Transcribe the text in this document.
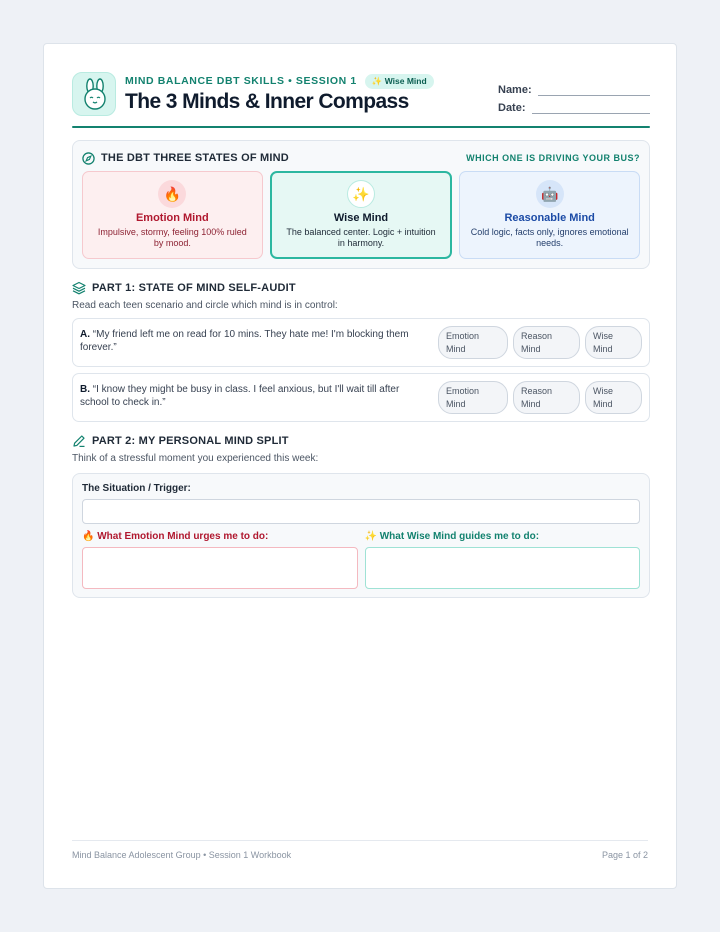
MIND BALANCE DBT SKILLS • SESSION 1	✨ Wise Mind
The 3 Minds & Inner Compass	Name:
Date:
THE DBT THREE STATES OF MIND	WHICH ONE IS DRIVING YOUR BUS?
🔥
Emotion Mind
Impulsive, stormy, feeling 100% ruled by mood.
✨
Wise Mind
The balanced center. Logic + intuition in harmony.
🤖
Reasonable Mind
Cold logic, facts only, ignores emotional needs.
PART 1: STATE OF MIND SELF-AUDIT
Read each teen scenario and circle which mind is in control:
A. “My friend left me on read for 10 mins. They hate me! I'm blocking them forever.”
Emotion Mind
Reason Mind
Wise Mind
B. “I know they might be busy in class. I feel anxious, but I'll wait till after school to check in.”
Emotion Mind
Reason Mind
Wise Mind
PART 2: MY PERSONAL MIND SPLIT
Think of a stressful moment you experienced this week:
The Situation / Trigger:
🔥 What Emotion Mind urges me to do:	✨ What Wise Mind guides me to do:
Mind Balance Adolescent Group • Session 1 Workbook	Page 1 of 2
